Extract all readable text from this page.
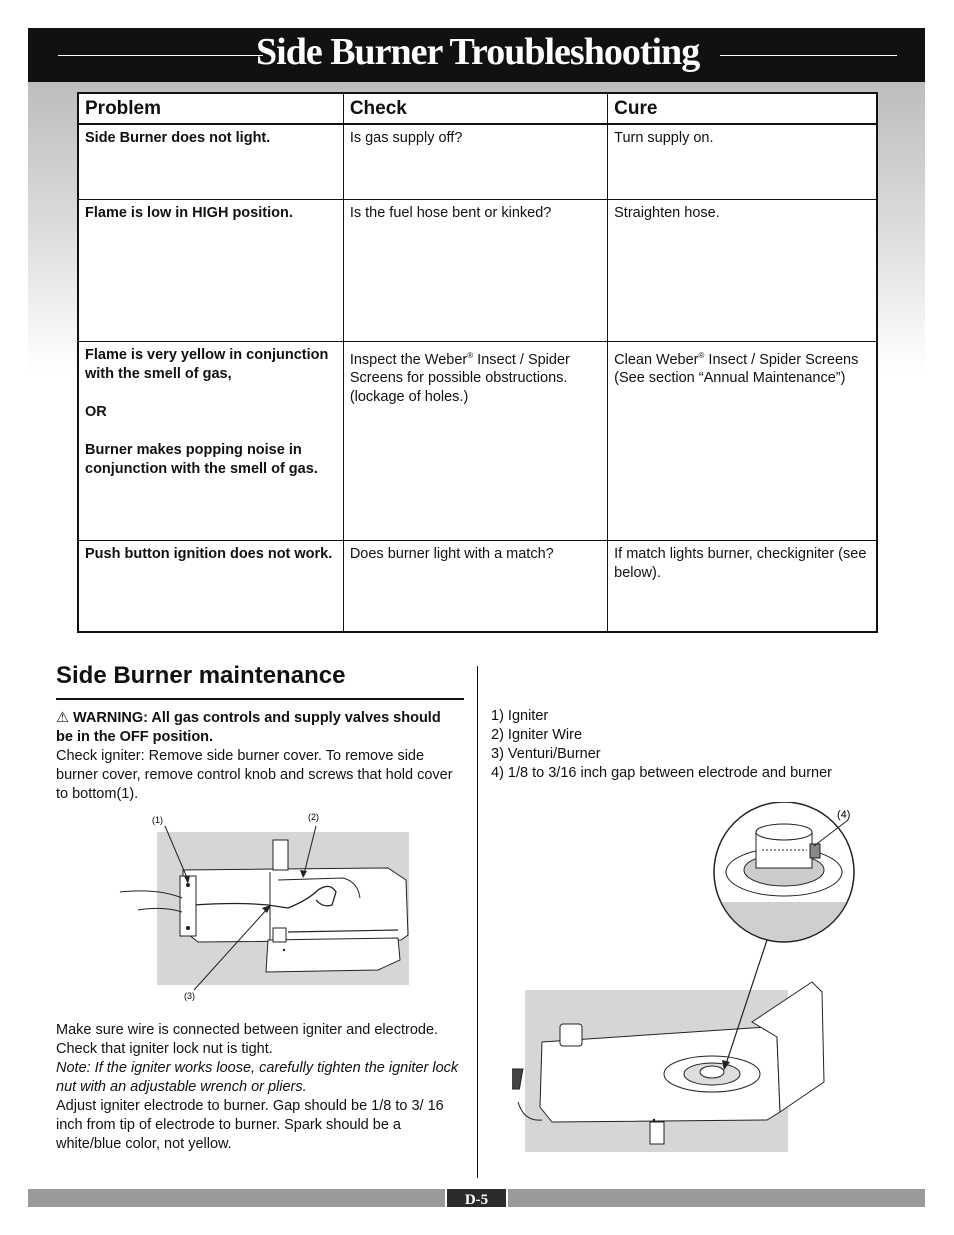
Side Burner Troubleshooting
Problem	Check	Cure
Side Burner does not light.	Is gas supply off?	Turn supply on.
Flame is low in HIGH position.	Is the fuel hose bent or kinked?	Straighten hose.

Flame is very yellow in conjunction with the smell of gas,
OR
Burner makes popping noise in conjunction with the smell of gas.	Inspect the Weber® Insect / Spider Screens for possible obstructions. (lockage of holes.)	Clean Weber® Insect / Spider Screens (See section “Annual Maintenance”)
Push button ignition does not work.	Does burner light with a match?	If match lights burner, checkigniter (see below).
Side Burner maintenance
⚠ WARNING: All gas controls and supply valves should be in the OFF position.
Check igniter: Remove side burner cover. To remove side burner cover, remove control knob and screws that hold cover to bottom(1).
(1)	(2)
(3)
Make sure wire is connected between igniter and electrode. Check that igniter lock nut is tight.
Note: If the igniter works loose, carefully tighten the igniter lock nut with an adjustable wrench or pliers.
Adjust igniter electrode to burner. Gap should be 1/8 to 3/ 16 inch from tip of electrode to burner. Spark should be a white/blue color, not yellow.
1) Igniter
2) Igniter Wire
3) Venturi/Burner
4) 1/8 to 3/16 inch gap between electrode and burner
(4)
D-5
